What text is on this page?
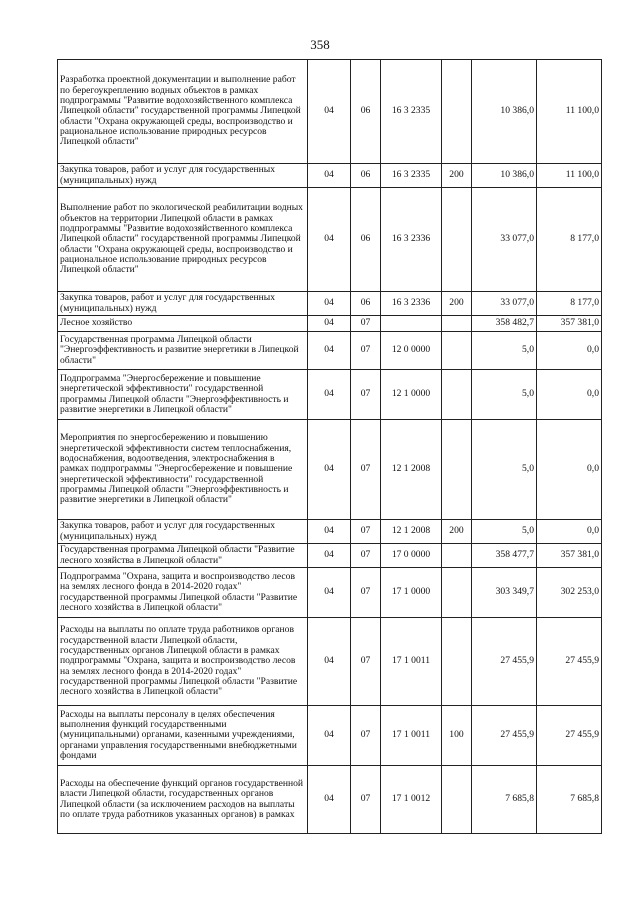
358
Разработка проектной документации и выполнение работ по берегоукреплению водных объектов в рамках подпрограммы "Развитие водохозяйственного комплекса Липецкой области" государственной программы Липецкой области "Охрана окружающей среды, воспроизводство и рациональное использование природных ресурсов Липецкой области"	04	06	16 3 2335		10 386,0	11 100,0
Закупка товаров, работ и услуг для государственных (муниципальных) нужд	04	06	16 3 2335	200	10 386,0	11 100,0
Выполнение работ по экологической реабилитации водных объектов на территории Липецкой области в рамках подпрограммы "Развитие водохозяйственного комплекса Липецкой области" государственной программы Липецкой области "Охрана окружающей среды, воспроизводство и рациональное использование природных ресурсов Липецкой области"	04	06	16 3 2336		33 077,0	8 177,0
Закупка товаров, работ и услуг для государственных (муниципальных) нужд	04	06	16 3 2336	200	33 077,0	8 177,0
Лесное хозяйство	04	07			358 482,7	357 381,0
Государственная программа Липецкой области "Энергоэффективность и развитие энергетики в Липецкой области"	04	07	12 0 0000		5,0	0,0
Подпрограмма "Энергосбережение и повышение энергетической эффективности" государственной программы Липецкой области "Энергоэффективность и развитие энергетики в Липецкой области"	04	07	12 1 0000		5,0	0,0
Мероприятия по энергосбережению и повышению энергетической эффективности систем теплоснабжения, водоснабжения, водоотведения, электроснабжения в рамках подпрограммы "Энергосбережение и повышение энергетической эффективности" государственной программы Липецкой области "Энергоэффективность и развитие энергетики в Липецкой области"	04	07	12 1 2008		5,0	0,0
Закупка товаров, работ и услуг для государственных (муниципальных) нужд	04	07	12 1 2008	200	5,0	0,0
Государственная программа Липецкой области "Развитие лесного хозяйства в Липецкой области"	04	07	17 0 0000		358 477,7	357 381,0
Подпрограмма "Охрана, защита и воспроизводство лесов на землях лесного фонда в 2014-2020 годах" государственной программы Липецкой области "Развитие лесного хозяйства в Липецкой области"	04	07	17 1 0000		303 349,7	302 253,0
Расходы на выплаты по оплате труда работников органов государственной власти Липецкой области, государственных органов Липецкой области в рамках подпрограммы "Охрана, защита и воспроизводство лесов на землях лесного фонда в 2014-2020 годах" государственной программы Липецкой области "Развитие лесного хозяйства в Липецкой области"	04	07	17 1 0011		27 455,9	27 455,9
Расходы на выплаты персоналу в целях обеспечения выполнения функций государственными (муниципальными) органами, казенными учреждениями, органами управления государственными внебюджетными фондами	04	07	17 1 0011	100	27 455,9	27 455,9
Расходы на обеспечение функций органов государственной власти Липецкой области, государственных органов Липецкой области (за исключением расходов на выплаты по оплате труда работников указанных органов) в рамках	04	07	17 1 0012		7 685,8	7 685,8
